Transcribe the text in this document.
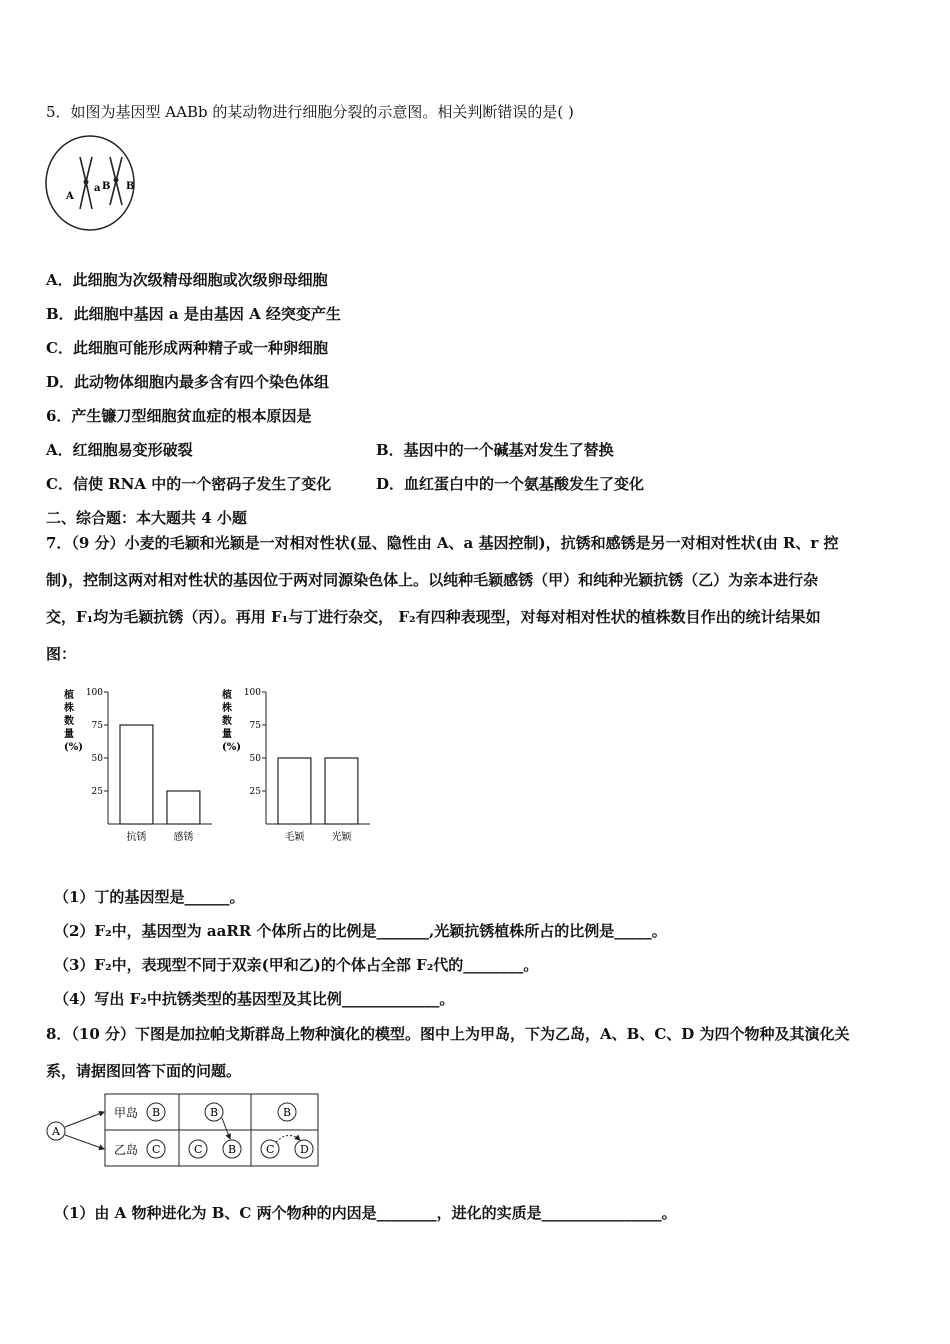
5．如图为基因型 AABb 的某动物进行细胞分裂的示意图。相关判断错误的是( )
A
a B B
A．此细胞为次级精母细胞或次级卵母细胞
B．此细胞中基因 a 是由基因 A 经突变产生
C．此细胞可能形成两种精子或一种卵细胞
D．此动物体细胞内最多含有四个染色体组
6．产生镰刀型细胞贫血症的根本原因是
A．红细胞易变形破裂	B．基因中的一个碱基对发生了替换
C．信使 RNA 中的一个密码子发生了变化	D．血红蛋白中的一个氨基酸发生了变化
二、综合题：本大题共 4 小题
7．（9 分）小麦的毛颖和光颖是一对相对性状(显、隐性由 A、a 基因控制)，抗锈和感锈是另一对相对性状(由 R、r 控
制)，控制这两对相对性状的基因位于两对同源染色体上。以纯种毛颖感锈（甲）和纯种光颖抗锈（乙）为亲本进行杂
交，F₁均为毛颖抗锈（丙）。再用 F₁与丁进行杂交， F₂有四种表现型，对每对相对性状的植株数目作出的统计结果如
图：
植
株
数
量
(%)
25
50
75
100
抗锈	感锈
植
株
数
量
(%)
25
50
75
100
毛颖	光颖
（1）丁的基因型是______。
（2）F₂中，基因型为 aaRR 个体所占的比例是_______,光颖抗锈植株所占的比例是_____。
（3）F₂中，表现型不同于双亲(甲和乙)的个体占全部 F₂代的________。
（4）写出 F₂中抗锈类型的基因型及其比例_____________。
8．（10 分）下图是加拉帕戈斯群岛上物种演化的模型。图中上为甲岛，下为乙岛，A、B、C、D 为四个物种及其演化关
系，请据图回答下面的问题。
A
甲岛
乙岛
B	B	B
C	C B	C D
（1）由 A 物种进化为 B、C 两个物种的内因是________，进化的实质是________________。
